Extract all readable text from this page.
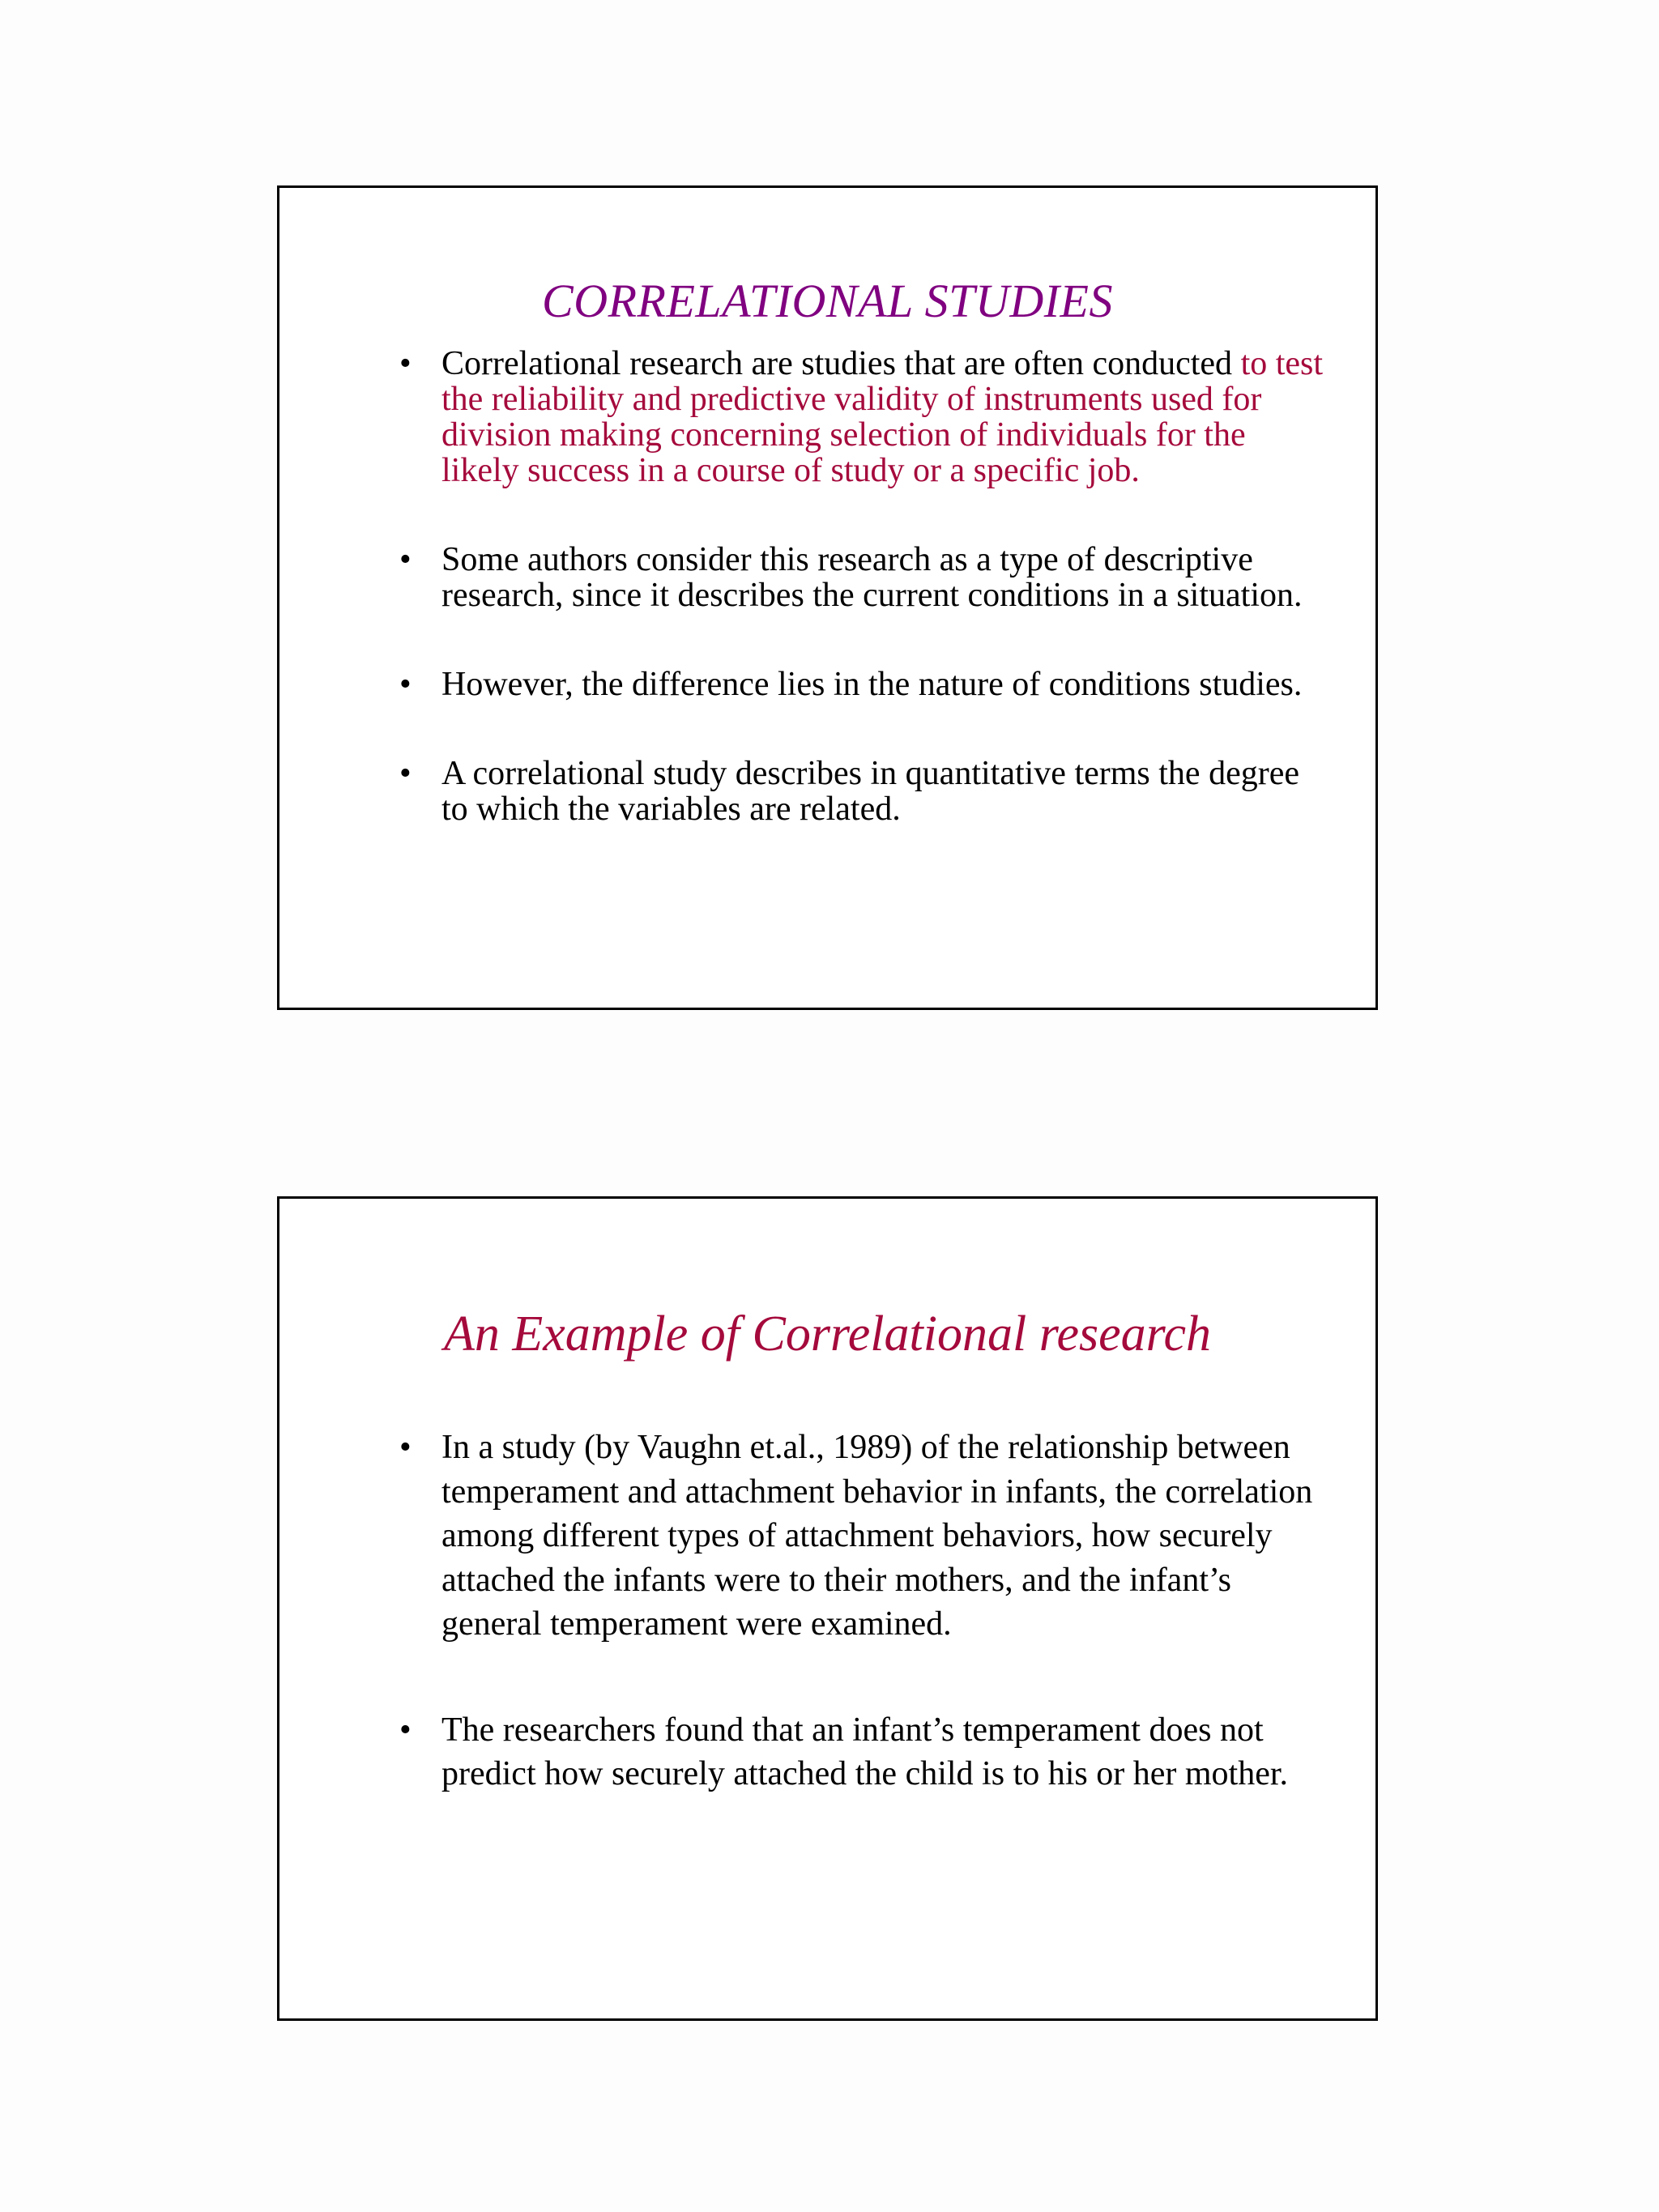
CORRELATIONAL STUDIES
• Correlational research are studies that are often conducted to test the reliability and predictive validity of instruments used for division making concerning selection of individuals for the likely success in a course of study or a specific job.
• Some authors consider this research as a type of descriptive research, since it describes the current conditions in a situation.
• However, the difference lies in the nature of conditions studies.
• A correlational study describes in quantitative terms the degree to which the variables are related.
An Example of Correlational research
• In a study (by Vaughn et.al., 1989) of the relationship between temperament and attachment behavior in infants, the correlation among different types of attachment behaviors, how securely attached the infants were to their mothers, and the infant’s general temperament were examined.
• The researchers found that an infant’s temperament does not predict how securely attached the child is to his or her mother.
